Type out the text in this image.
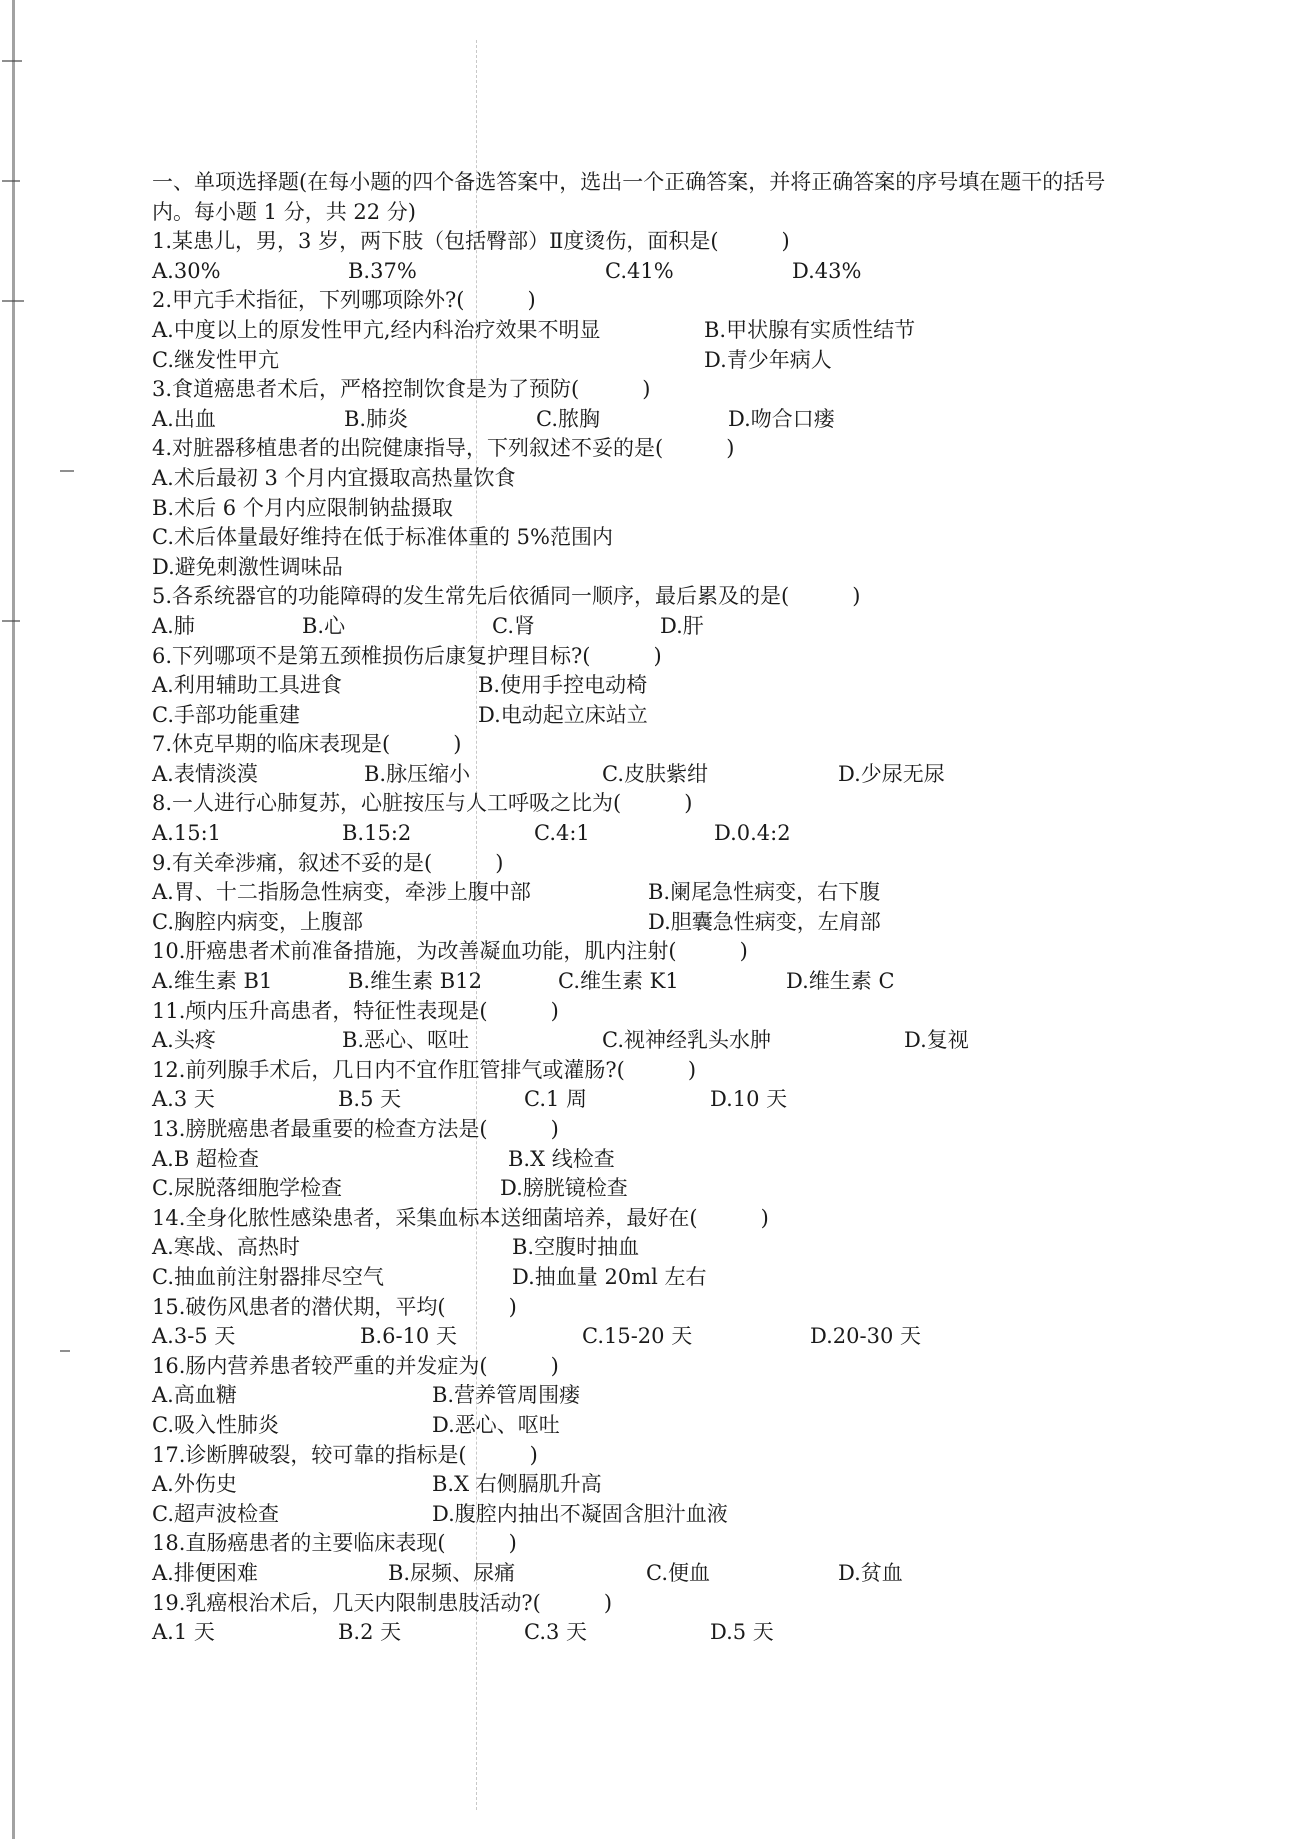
一、单项选择题(在每小题的四个备选答案中，选出一个正确答案，并将正确答案的序号填在题干的括号
内。每小题 1 分，共 22 分)
1.某患儿，男，3 岁，两下肢（包括臀部）Ⅱ度烫伤，面积是(　　　)
A.30%	B.37%	C.41%	D.43%
2.甲亢手术指征，下列哪项除外?(　　　)
A.中度以上的原发性甲亢,经内科治疗效果不明显	B.甲状腺有实质性结节
C.继发性甲亢	D.青少年病人
3.食道癌患者术后，严格控制饮食是为了预防(　　　)
A.出血	B.肺炎	C.脓胸	D.吻合口瘘
4.对脏器移植患者的出院健康指导，下列叙述不妥的是(　　　)
A.术后最初 3 个月内宜摄取高热量饮食
B.术后 6 个月内应限制钠盐摄取
C.术后体量最好维持在低于标准体重的 5%范围内
D.避免刺激性调味品
5.各系统器官的功能障碍的发生常先后依循同一顺序，最后累及的是(　　　)
A.肺	B.心	C.肾	D.肝
6.下列哪项不是第五颈椎损伤后康复护理目标?(　　　)
A.利用辅助工具进食	B.使用手控电动椅
C.手部功能重建	D.电动起立床站立
7.休克早期的临床表现是(　　　)
A.表情淡漠	B.脉压缩小	C.皮肤紫绀	D.少尿无尿
8.一人进行心肺复苏，心脏按压与人工呼吸之比为(　　　)
A.15:1	B.15:2	C.4:1	D.0.4:2
9.有关牵涉痛，叙述不妥的是(　　　)
A.胃、十二指肠急性病变，牵涉上腹中部	B.阑尾急性病变，右下腹
C.胸腔内病变，上腹部	D.胆囊急性病变，左肩部
10.肝癌患者术前准备措施，为改善凝血功能，肌内注射(　　　)
A.维生素 B1	B.维生素 B12	C.维生素 K1	D.维生素 C
11.颅内压升高患者，特征性表现是(　　　)
A.头疼	B.恶心、呕吐	C.视神经乳头水肿	D.复视
12.前列腺手术后，几日内不宜作肛管排气或灌肠?(　　　)
A.3 天	B.5 天	C.1 周	D.10 天
13.膀胱癌患者最重要的检查方法是(　　　)
A.B 超检查	B.X 线检查
C.尿脱落细胞学检查	D.膀胱镜检查
14.全身化脓性感染患者，采集血标本送细菌培养，最好在(　　　)
A.寒战、高热时	B.空腹时抽血
C.抽血前注射器排尽空气	D.抽血量 20ml 左右
15.破伤风患者的潜伏期，平均(　　　)
A.3-5 天	B.6-10 天	C.15-20 天	D.20-30 天
16.肠内营养患者较严重的并发症为(　　　)
A.高血糖	B.营养管周围瘘
C.吸入性肺炎	D.恶心、呕吐
17.诊断脾破裂，较可靠的指标是(　　　)
A.外伤史	B.X 右侧膈肌升高
C.超声波检查	D.腹腔内抽出不凝固含胆汁血液
18.直肠癌患者的主要临床表现(　　　)
A.排便困难	B.尿频、尿痛	C.便血	D.贫血
19.乳癌根治术后，几天内限制患肢活动?(　　　)
A.1 天	B.2 天	C.3 天	D.5 天
